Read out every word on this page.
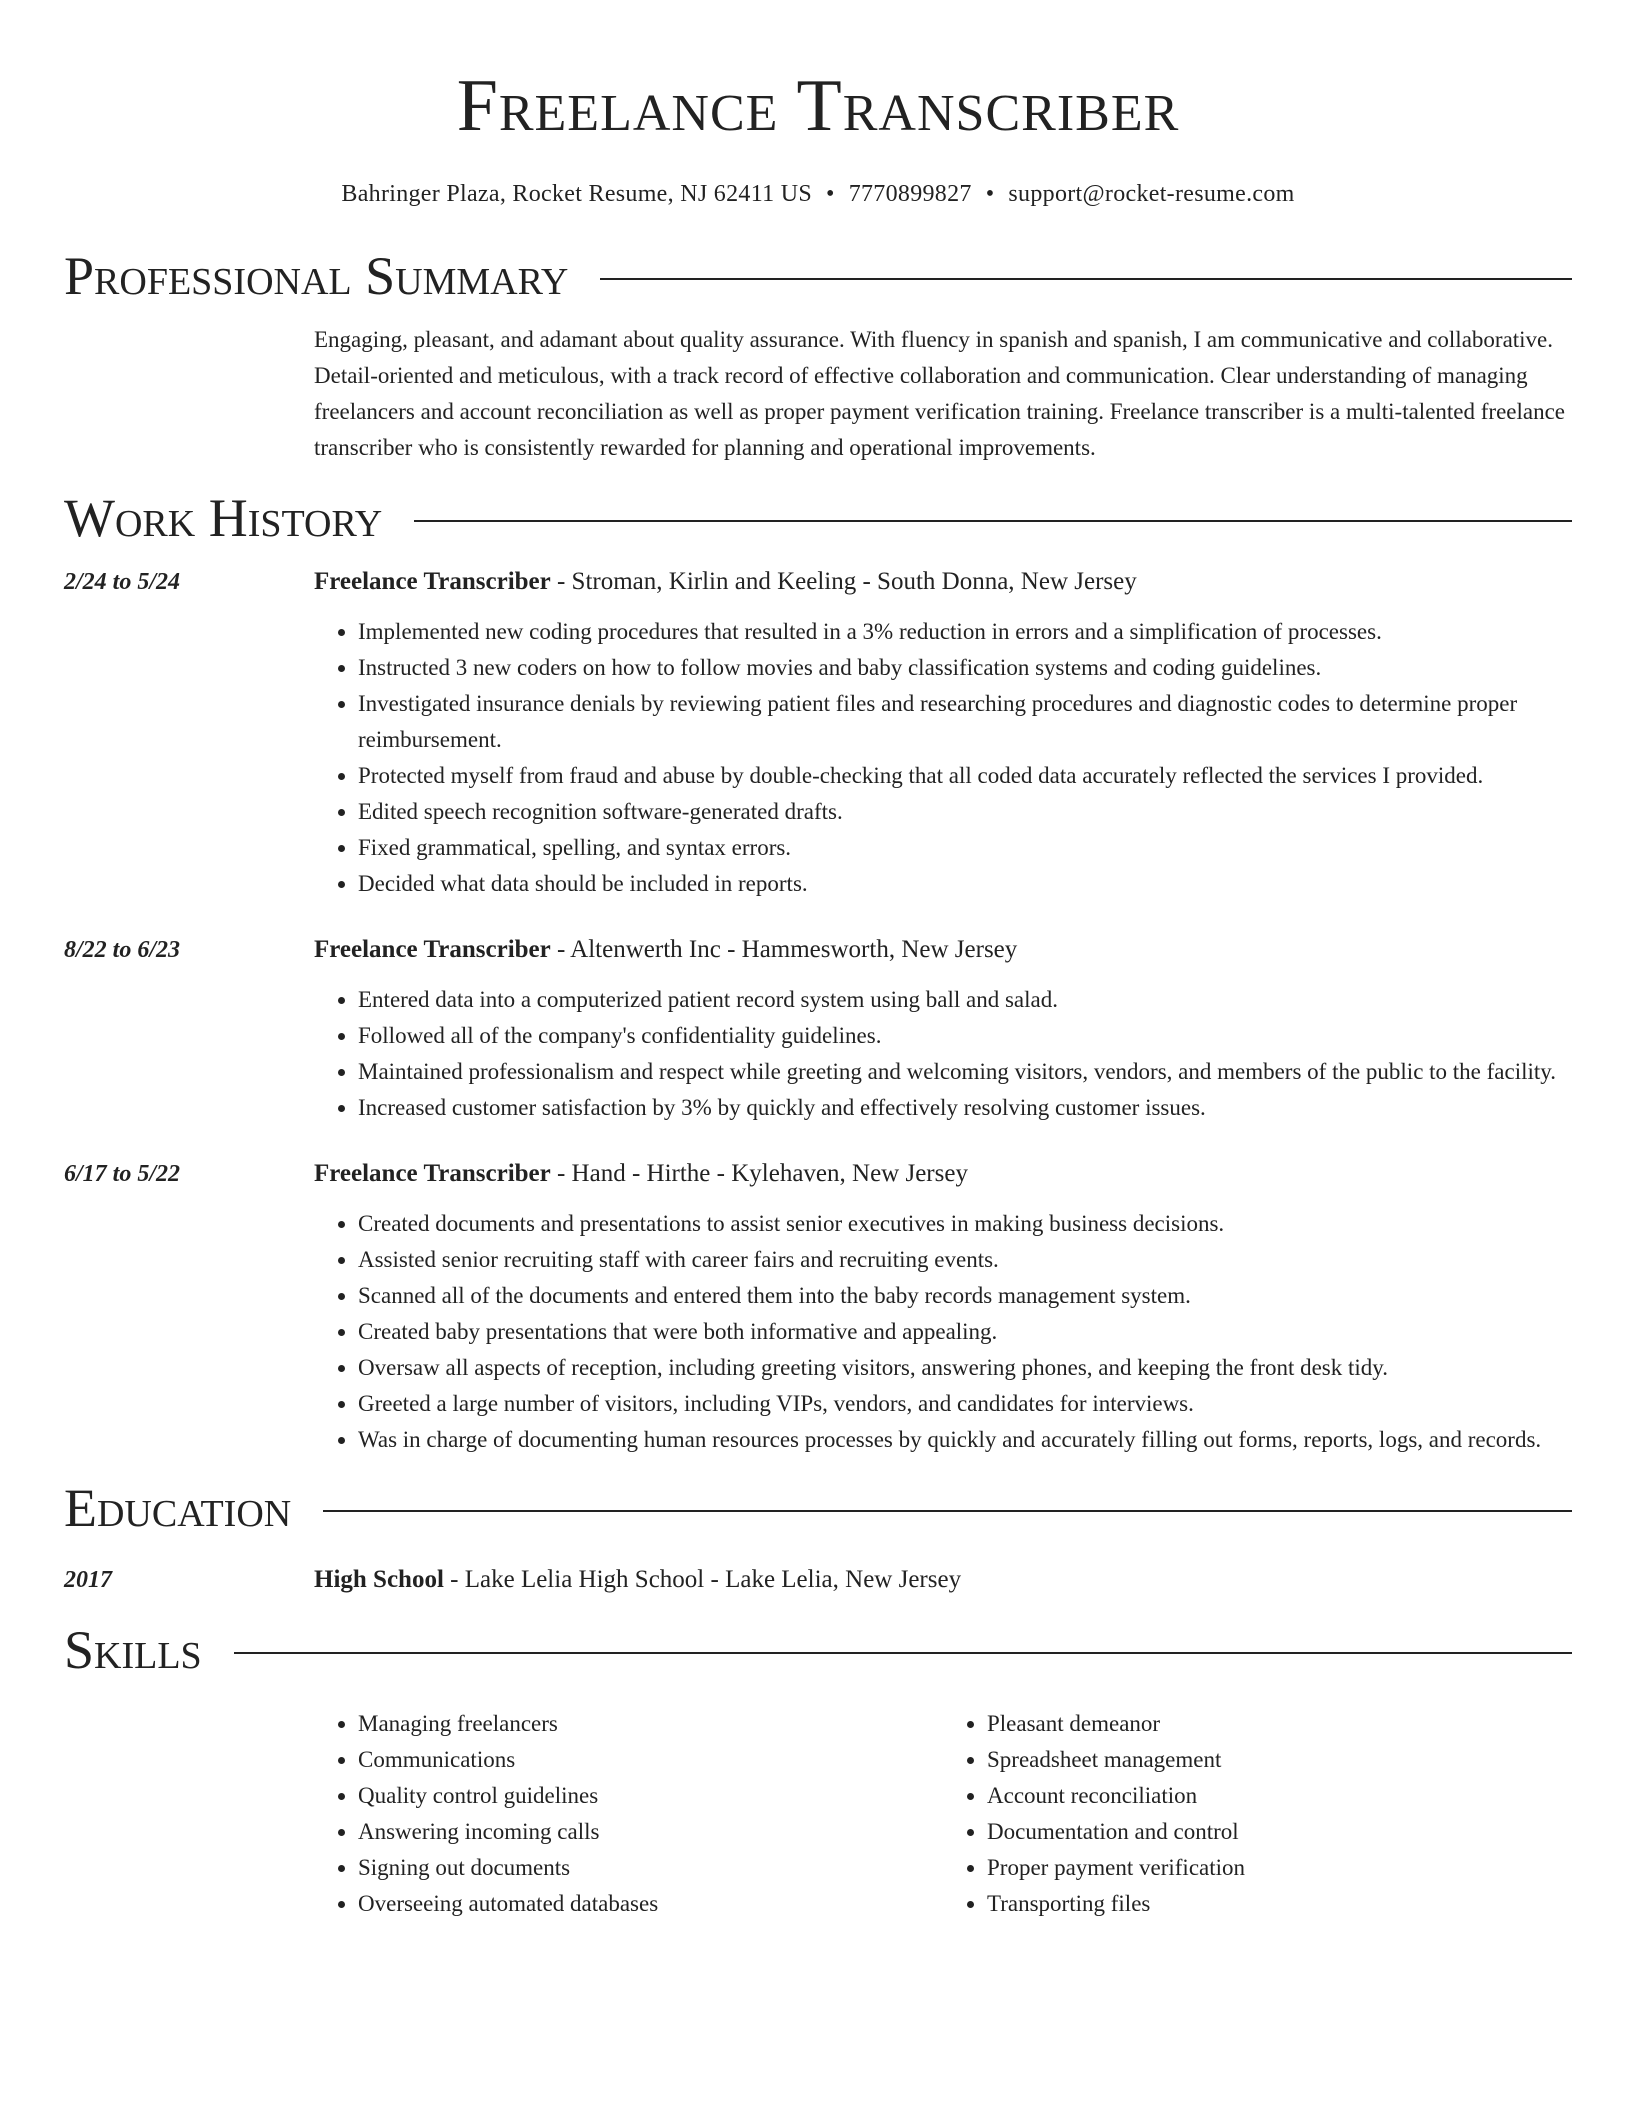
Freelance Transcriber
Bahringer Plaza, Rocket Resume, NJ 62411 US • 7770899827 • support@rocket-resume.com
Professional Summary
Engaging, pleasant, and adamant about quality assurance. With fluency in spanish and spanish, I am communicative and collaborative. Detail-oriented and meticulous, with a track record of effective collaboration and communication. Clear understanding of managing freelancers and account reconciliation as well as proper payment verification training. Freelance transcriber is a multi-talented freelance transcriber who is consistently rewarded for planning and operational improvements.
Work History
2/24 to 5/24	Freelance Transcriber - Stroman, Kirlin and Keeling - South Donna, New Jersey
• Implemented new coding procedures that resulted in a 3% reduction in errors and a simplification of processes.
• Instructed 3 new coders on how to follow movies and baby classification systems and coding guidelines.
• Investigated insurance denials by reviewing patient files and researching procedures and diagnostic codes to determine proper reimbursement.
• Protected myself from fraud and abuse by double-checking that all coded data accurately reflected the services I provided.
• Edited speech recognition software-generated drafts.
• Fixed grammatical, spelling, and syntax errors.
• Decided what data should be included in reports.
8/22 to 6/23	Freelance Transcriber - Altenwerth Inc - Hammesworth, New Jersey
• Entered data into a computerized patient record system using ball and salad.
• Followed all of the company's confidentiality guidelines.
• Maintained professionalism and respect while greeting and welcoming visitors, vendors, and members of the public to the facility.
• Increased customer satisfaction by 3% by quickly and effectively resolving customer issues.
6/17 to 5/22	Freelance Transcriber - Hand - Hirthe - Kylehaven, New Jersey
• Created documents and presentations to assist senior executives in making business decisions.
• Assisted senior recruiting staff with career fairs and recruiting events.
• Scanned all of the documents and entered them into the baby records management system.
• Created baby presentations that were both informative and appealing.
• Oversaw all aspects of reception, including greeting visitors, answering phones, and keeping the front desk tidy.
• Greeted a large number of visitors, including VIPs, vendors, and candidates for interviews.
• Was in charge of documenting human resources processes by quickly and accurately filling out forms, reports, logs, and records.
Education
2017	High School - Lake Lelia High School - Lake Lelia, New Jersey
Skills
• Managing freelancers
• Communications
• Quality control guidelines
• Answering incoming calls
• Signing out documents
• Overseeing automated databases
• Pleasant demeanor
• Spreadsheet management
• Account reconciliation
• Documentation and control
• Proper payment verification
• Transporting files
